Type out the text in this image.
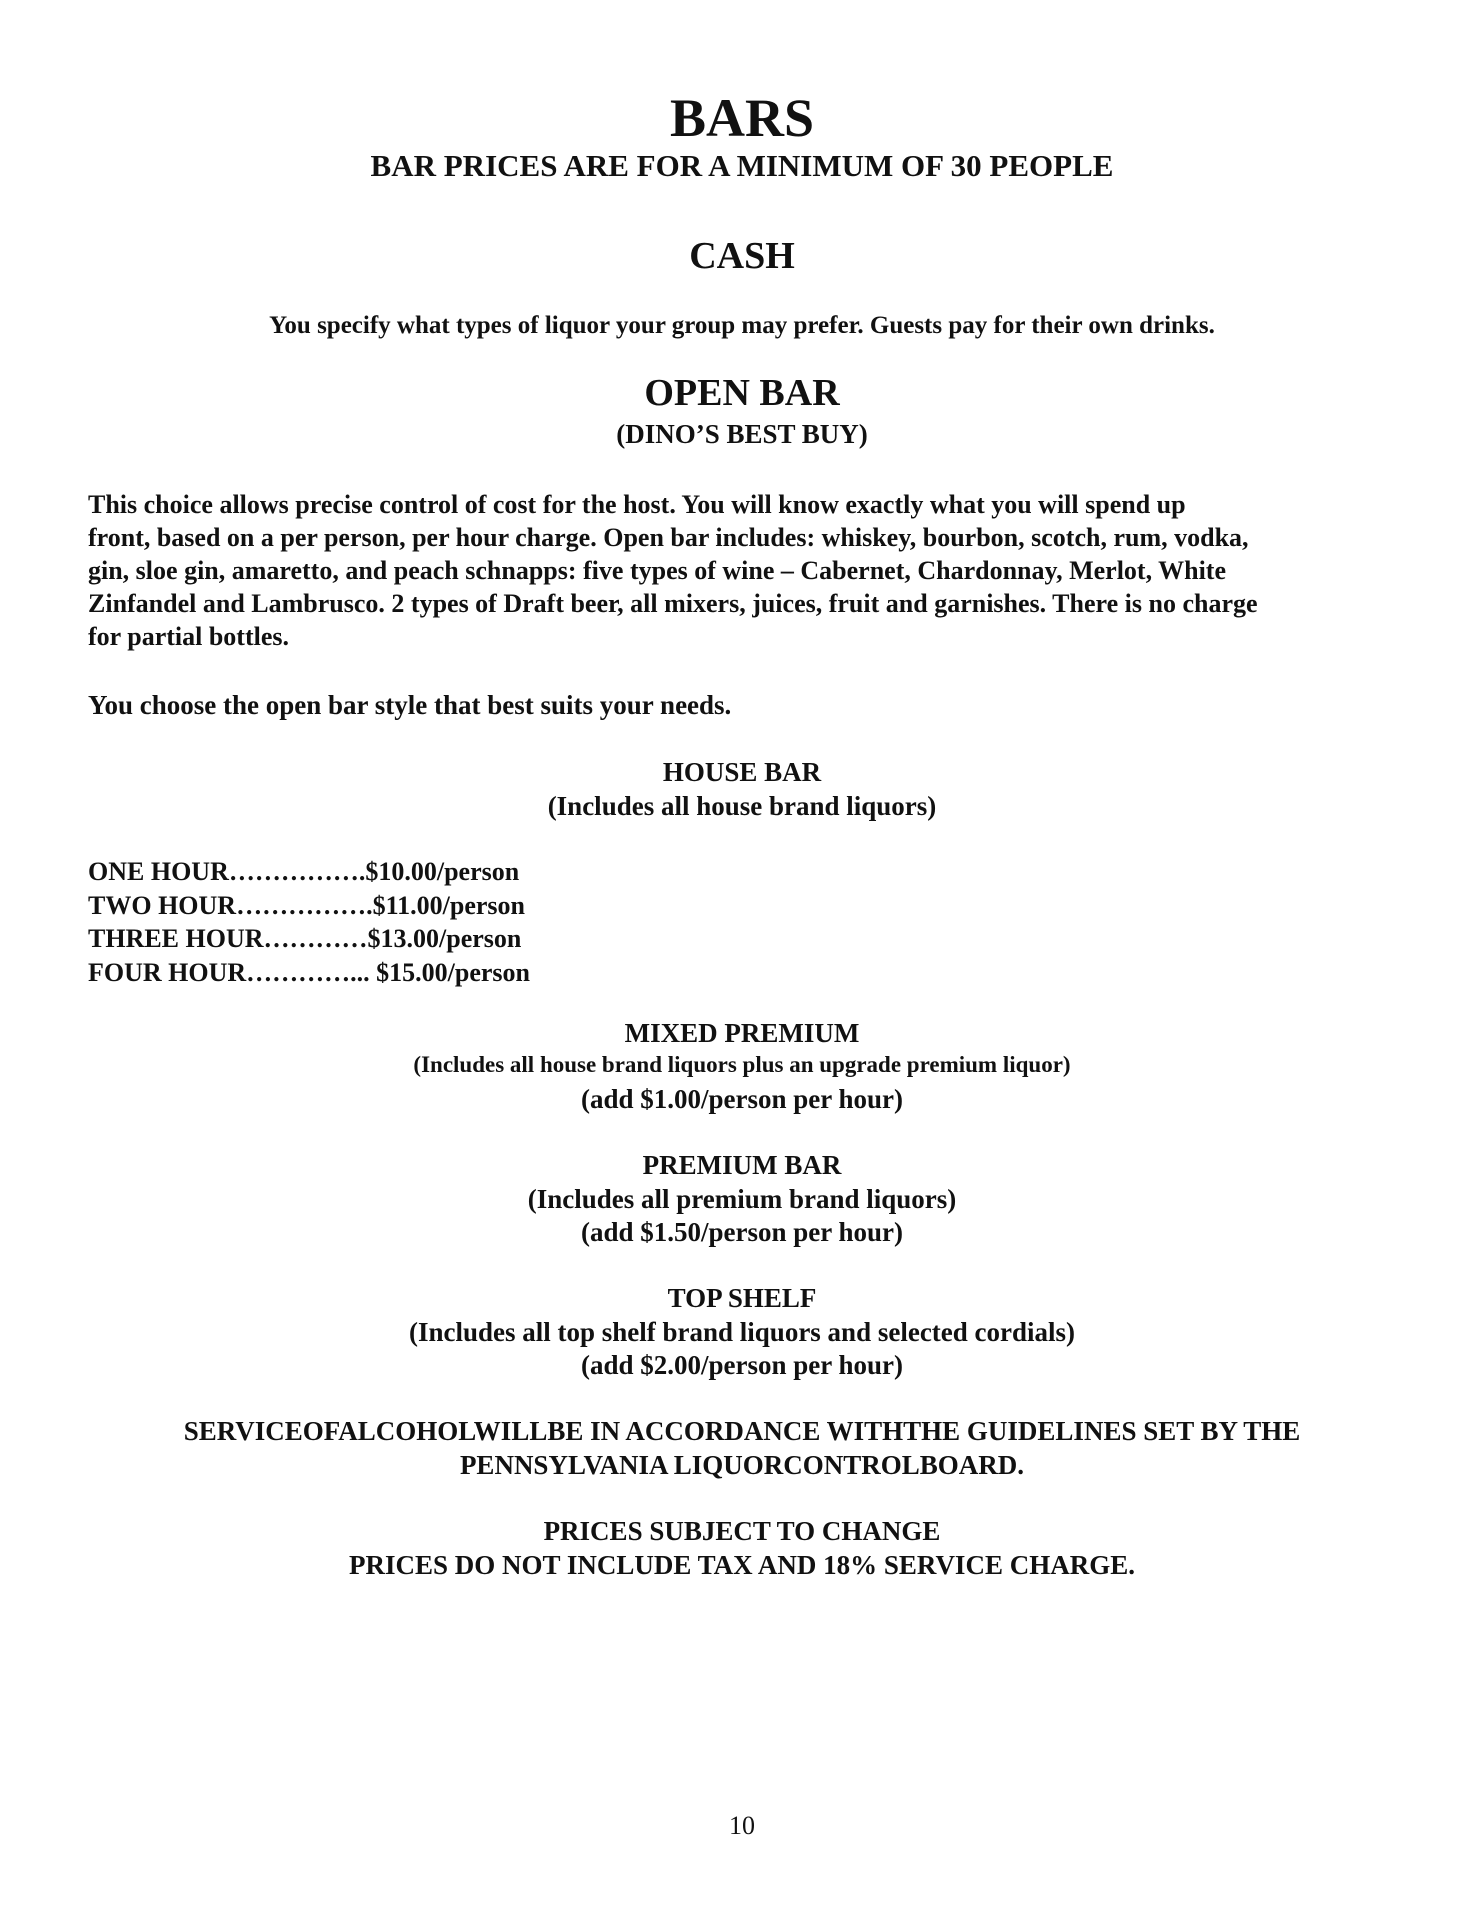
BARS
BAR PRICES ARE FOR A MINIMUM OF 30 PEOPLE
CASH
You specify what types of liquor your group may prefer. Guests pay for their own drinks.
OPEN BAR
(DINO’S BEST BUY)
This choice allows precise control of cost for the host. You will know exactly what you will spend up
front, based on a per person, per hour charge. Open bar includes: whiskey, bourbon, scotch, rum, vodka,
gin, sloe gin, amaretto, and peach schnapps: five types of wine – Cabernet, Chardonnay, Merlot, White
Zinfandel and Lambrusco. 2 types of Draft beer, all mixers, juices, fruit and garnishes. There is no charge
for partial bottles.
You choose the open bar style that best suits your needs.
HOUSE BAR
(Includes all house brand liquors)
ONE HOUR…………….$10.00/person
TWO HOUR…………….$11.00/person
THREE HOUR…………$13.00/person
FOUR HOUR…………... $15.00/person
MIXED PREMIUM
(Includes all house brand liquors plus an upgrade premium liquor)
(add $1.00/person per hour)
PREMIUM BAR
(Includes all premium brand liquors)
(add $1.50/person per hour)
TOP SHELF
(Includes all top shelf brand liquors and selected cordials)
(add $2.00/person per hour)
SERVICEOFALCOHOLWILLBE IN ACCORDANCE WITHTHE GUIDELINES SET BY THE
PENNSYLVANIA LIQUORCONTROLBOARD.
PRICES SUBJECT TO CHANGE
PRICES DO NOT INCLUDE TAX AND 18% SERVICE CHARGE.
10
